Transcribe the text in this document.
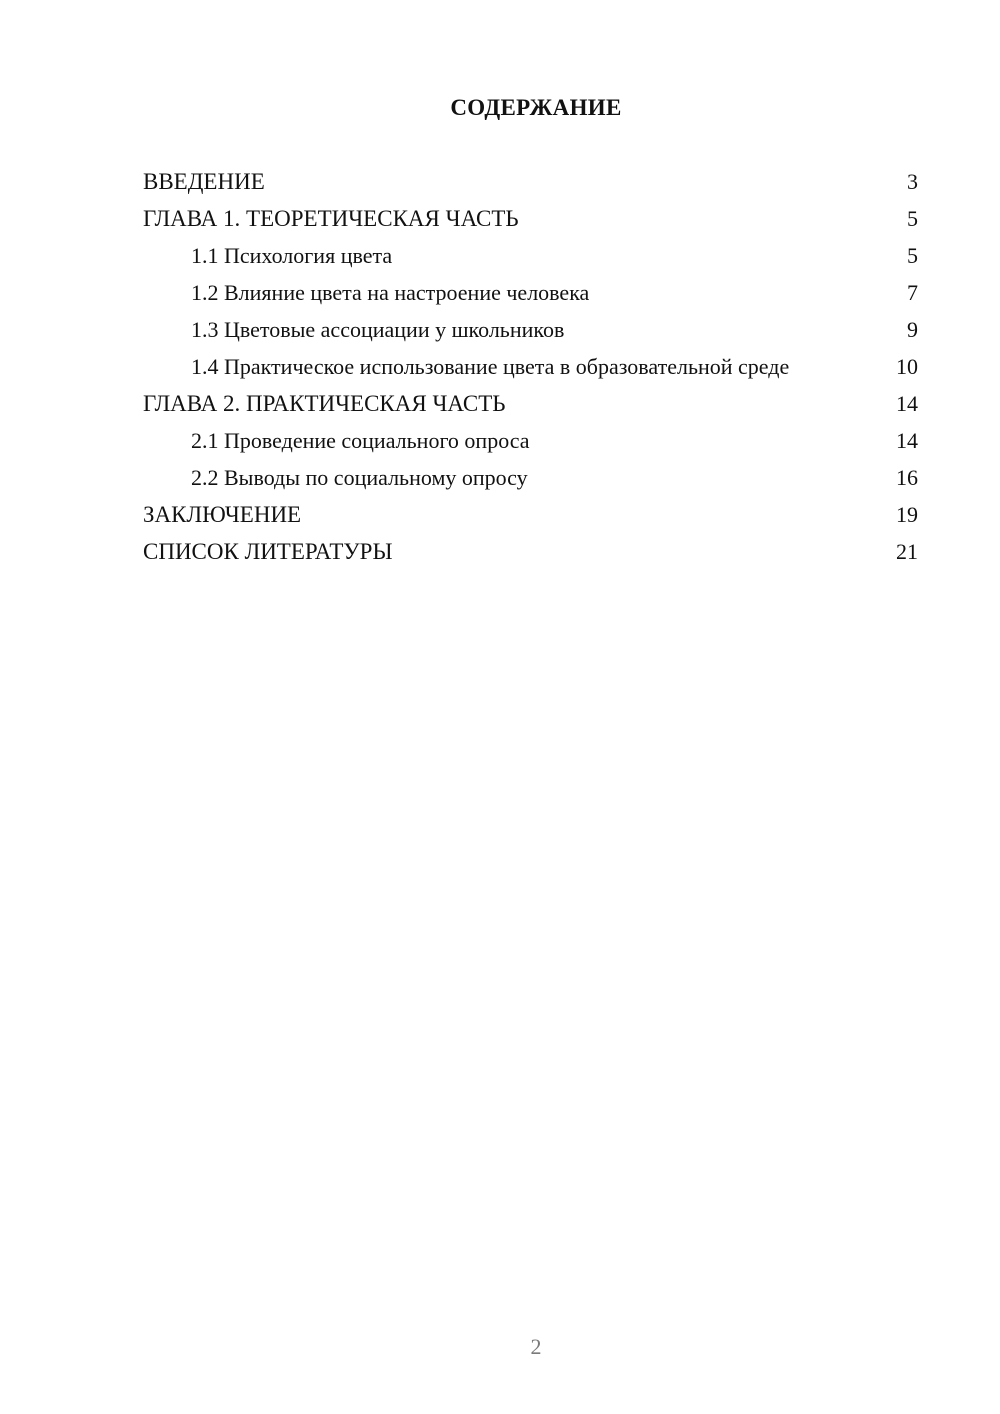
СОДЕРЖАНИЕ
ВВЕДЕНИЕ	3
ГЛАВА 1. ТЕОРЕТИЧЕСКАЯ ЧАСТЬ	5
1.1 Психология цвета	5
1.2 Влияние цвета на настроение человека	7
1.3 Цветовые ассоциации у школьников	9
1.4 Практическое использование цвета в образовательной среде	10
ГЛАВА 2. ПРАКТИЧЕСКАЯ ЧАСТЬ	14
2.1 Проведение социального опроса	14
2.2 Выводы по социальному опросу	16
ЗАКЛЮЧЕНИЕ	19
СПИСОК ЛИТЕРАТУРЫ	21
2
